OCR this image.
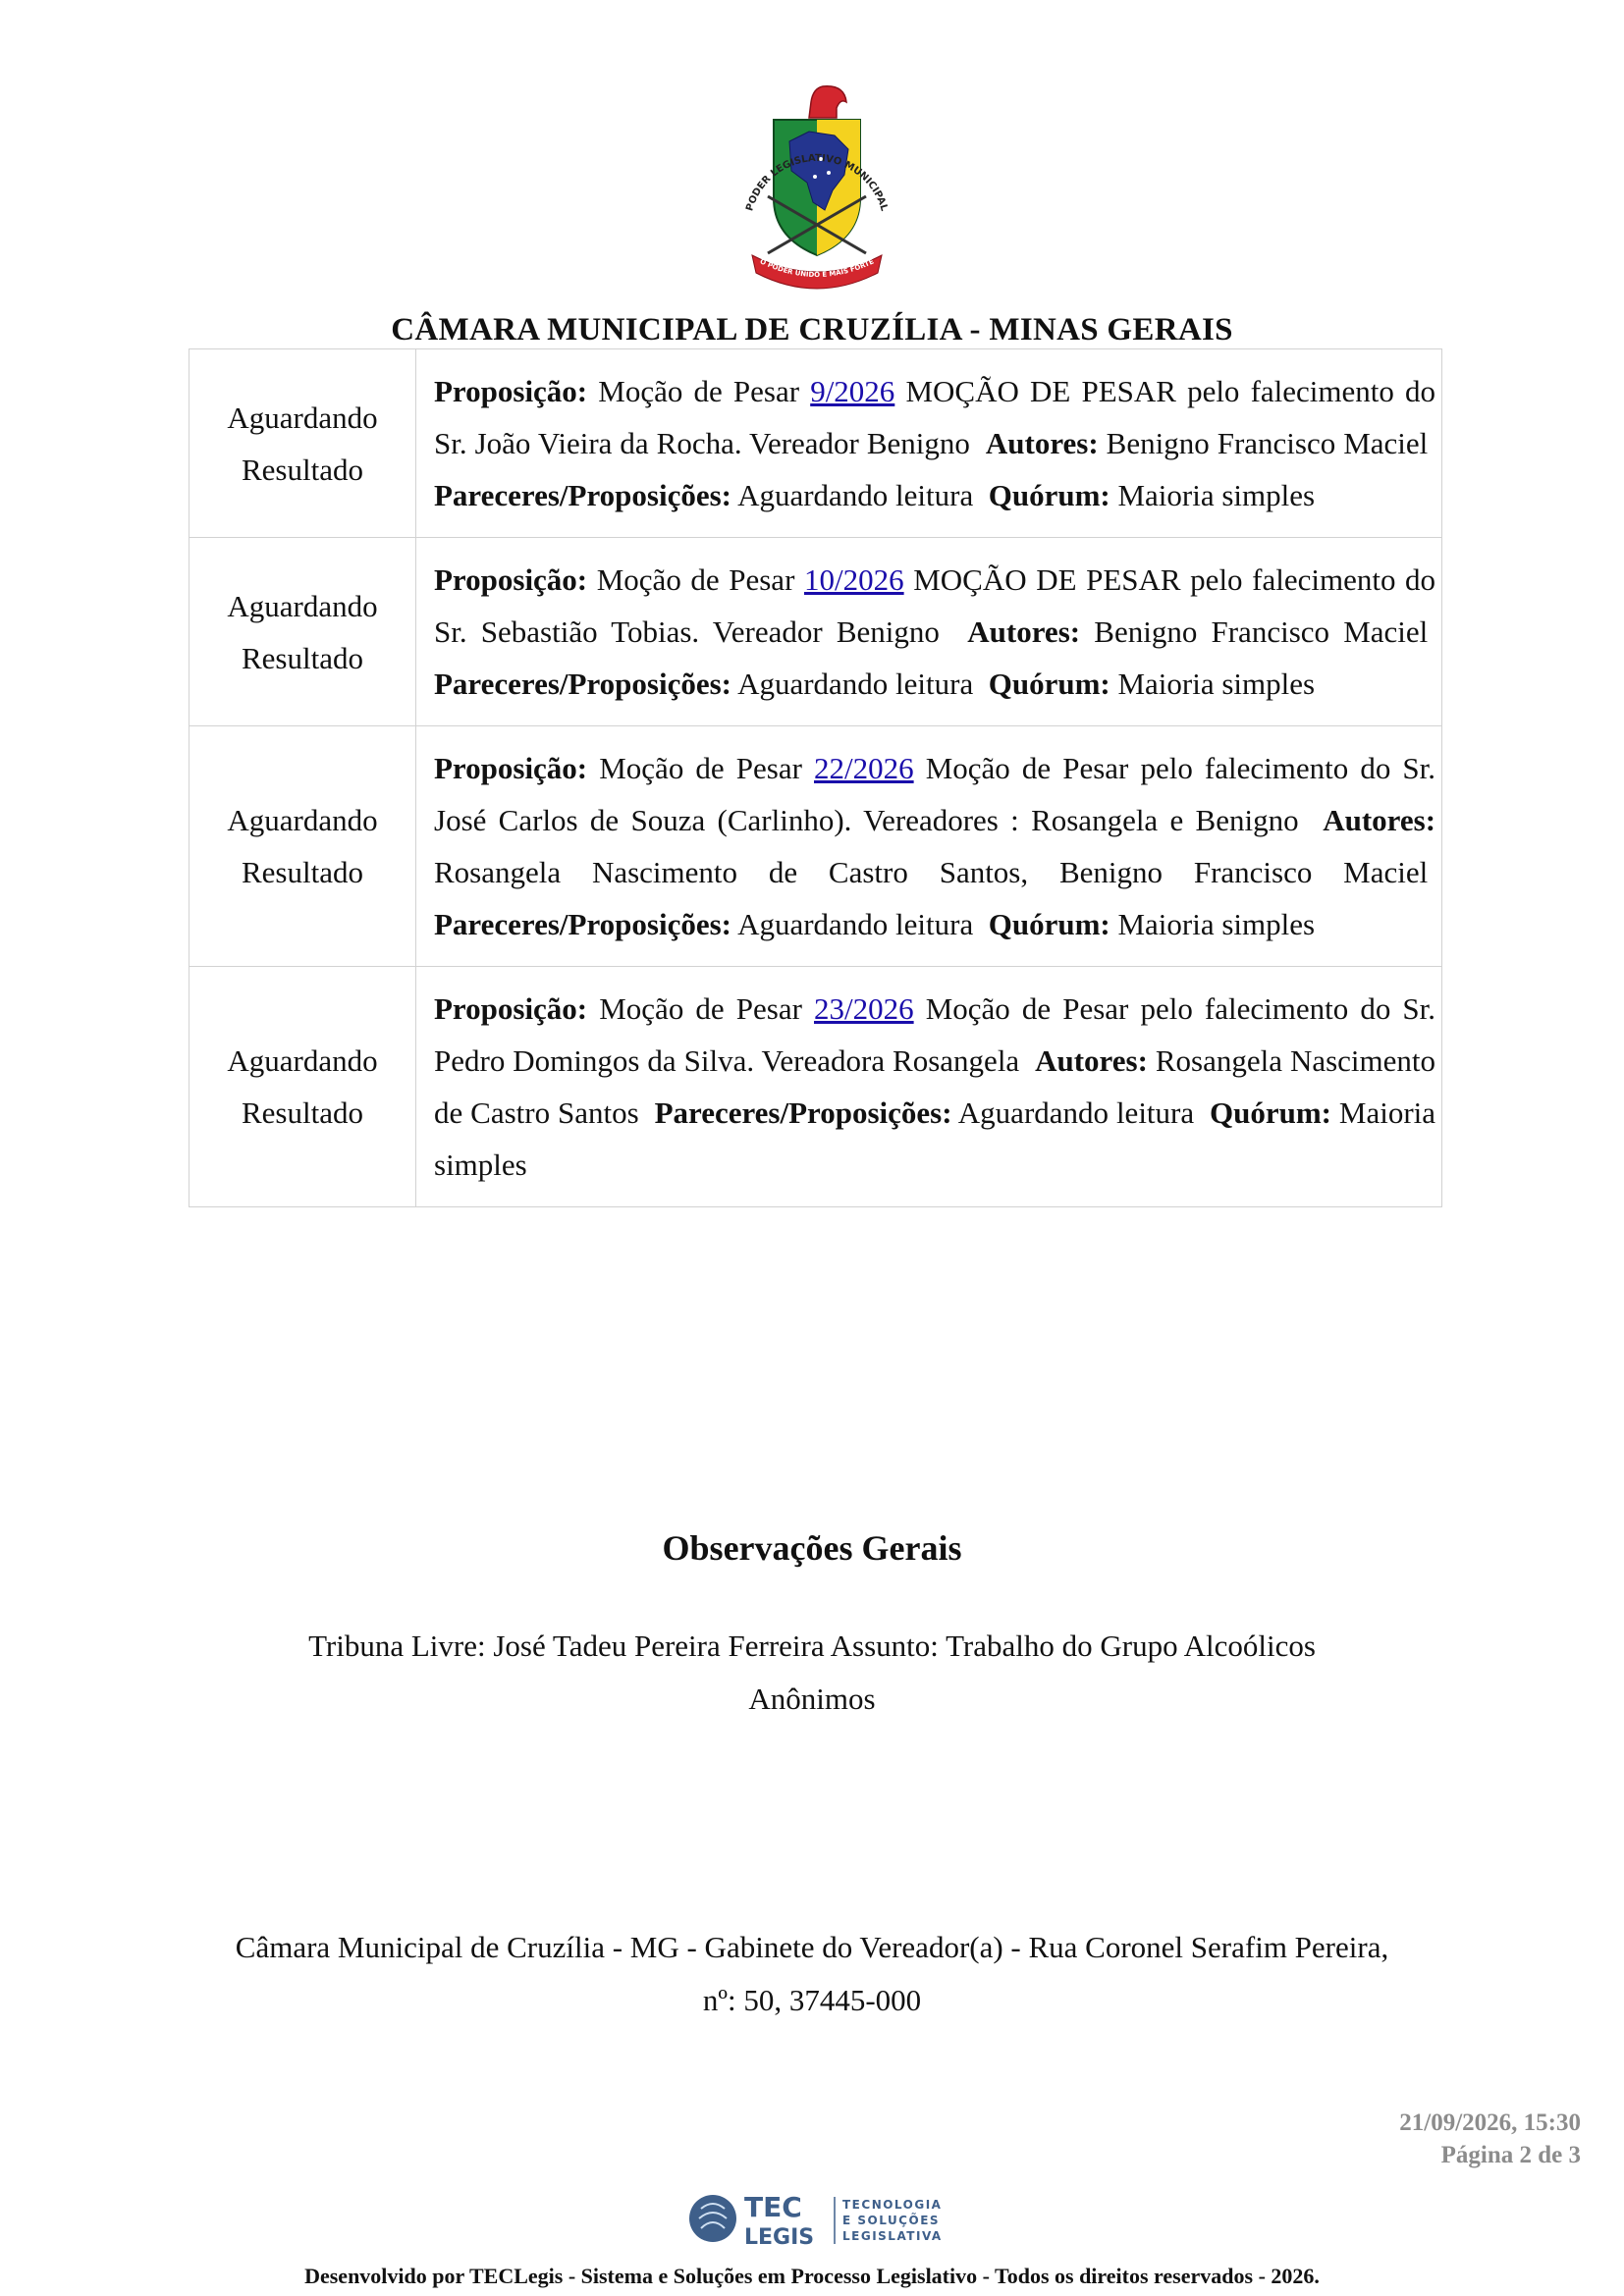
PODER LEGISLATIVO MUNICIPAL
O PODER UNIDO É MAIS FORTE
CÂMARA MUNICIPAL DE CRUZÍLIA - MINAS GERAIS
Aguardando
Resultado	Proposição: Moção de Pesar 9/2026 MOÇÃO DE PESAR pelo falecimento do Sr. João Vieira da Rocha. Vereador Benigno Autores: Benigno Francisco Maciel  Pareceres/Proposições: Aguardando leitura Quórum: Maioria simples

Aguardando
Resultado	Proposição: Moção de Pesar 10/2026 MOÇÃO DE PESAR pelo falecimento do Sr. Sebastião Tobias. Vereador Benigno Autores: Benigno Francisco Maciel  Pareceres/Proposições: Aguardando leitura Quórum: Maioria simples

Aguardando
Resultado	Proposição: Moção de Pesar 22/2026 Moção de Pesar pelo falecimento do Sr. José Carlos de Souza (Carlinho). Vereadores : Rosangela e Benigno Autores: Rosangela Nascimento de Castro Santos, Benigno Francisco Maciel  Pareceres/Proposições: Aguardando leitura Quórum: Maioria simples

Aguardando
Resultado	Proposição: Moção de Pesar 23/2026 Moção de Pesar pelo falecimento do Sr. Pedro Domingos da Silva. Vereadora Rosangela Autores: Rosangela Nascimento de Castro Santos Pareceres/Proposições: Aguardando leitura Quórum: Maioria simples
Observações Gerais
Tribuna Livre: José Tadeu Pereira Ferreira Assunto: Trabalho do Grupo Alcoólicos
Anônimos
Câmara Municipal de Cruzília - MG - Gabinete do Vereador(a) - Rua Coronel Serafim Pereira,
nº: 50, 37445-000
21/09/2026, 15:30
Página 2 de 3
TEC
LEGIS
TECNOLOGIA
E SOLUÇÕES
LEGISLATIVA
Desenvolvido por TECLegis - Sistema e Soluções em Processo Legislativo - Todos os direitos reservados - 2026.
